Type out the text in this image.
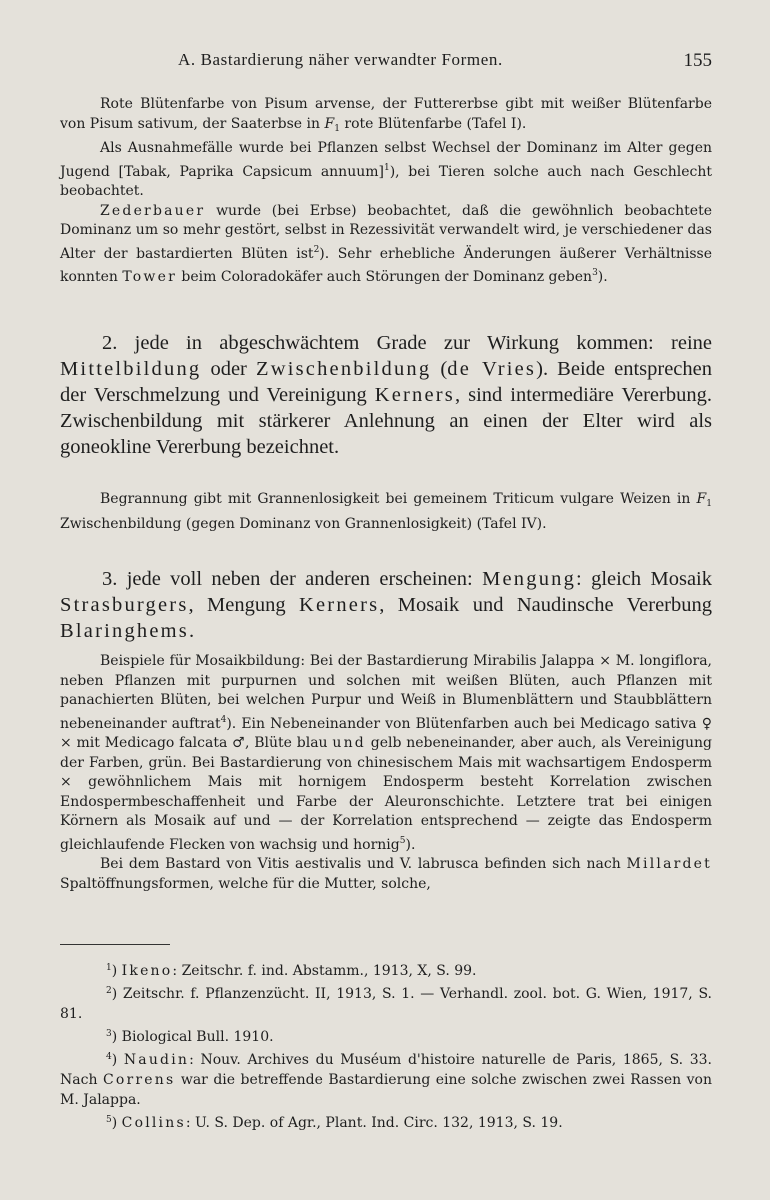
A. Bastardierung näher verwandter Formen.	155

Rote Blütenfarbe von Pisum arvense, der Futtererbse gibt mit weißer Blütenfarbe von Pisum sativum, der Saaterbse in $F_1$ rote Blütenfarbe (Tafel I).

Als Ausnahmefälle wurde bei Pflanzen selbst Wechsel der Dominanz im Alter gegen Jugend [Tabak, Paprika Capsicum annuum]$^1$), bei Tieren solche auch nach Geschlecht beobachtet.

Zederbauer wurde (bei Erbse) beobachtet, daß die gewöhnlich beobachtete Dominanz um so mehr gestört, selbst in Rezessivität verwandelt wird, je verschiedener das Alter der bastardierten Blüten ist$^2$). Sehr erhebliche Änderungen äußerer Verhältnisse konnten Tower beim Coloradokäfer auch Störungen der Dominanz geben$^3$).

2. jede in abgeschwächtem Grade zur Wirkung kommen: reine Mittelbildung oder Zwischenbildung (de Vries). Beide entsprechen der Verschmelzung und Vereinigung Kerners, sind intermediäre Vererbung. Zwischenbildung mit stärkerer Anlehnung an einen der Elter wird als goneokline Vererbung bezeichnet.

Begrannung gibt mit Grannenlosigkeit bei gemeinem Triticum vulgare Weizen in $F_1$ Zwischenbildung (gegen Dominanz von Grannenlosigkeit) (Tafel IV).

3. jede voll neben der anderen erscheinen: Mengung: gleich Mosaik Strasburgers, Mengung Kerners, Mosaik und Naudinsche Vererbung Blaringhems.

Beispiele für Mosaikbildung: Bei der Bastardierung Mirabilis Jalappa × M. longiflora, neben Pflanzen mit purpurnen und solchen mit weißen Blüten, auch Pflanzen mit panachierten Blüten, bei welchen Purpur und Weiß in Blumenblättern und Staubblättern nebeneinander auftrat$^4$). Ein Nebeneinander von Blütenfarben auch bei Medicago sativa ♀ × mit Medicago falcata ♂, Blüte blau und gelb nebeneinander, aber auch, als Vereinigung der Farben, grün. Bei Bastardierung von chinesischem Mais mit wachsartigem Endosperm × gewöhnlichem Mais mit hornigem Endosperm besteht Korrelation zwischen Endospermbeschaffenheit und Farbe der Aleuronschichte. Letztere trat bei einigen Körnern als Mosaik auf und — der Korrelation entsprechend — zeigte das Endosperm gleichlaufende Flecken von wachsig und hornig$^5$).

Bei dem Bastard von Vitis aestivalis und V. labrusca befinden sich nach Millardet Spaltöffnungsformen, welche für die Mutter, solche,

$^1$) Ikeno: Zeitschr. f. ind. Abstamm., 1913, X, S. 99.

$^2$) Zeitschr. f. Pflanzenzücht. II, 1913, S. 1. — Verhandl. zool. bot. G. Wien, 1917, S. 81.

$^3$) Biological Bull. 1910.

$^4$) Naudin: Nouv. Archives du Muséum d'histoire naturelle de Paris, 1865, S. 33. Nach Correns war die betreffende Bastardierung eine solche zwischen zwei Rassen von M. Jalappa.

$^5$) Collins: U. S. Dep. of Agr., Plant. Ind. Circ. 132, 1913, S. 19.
